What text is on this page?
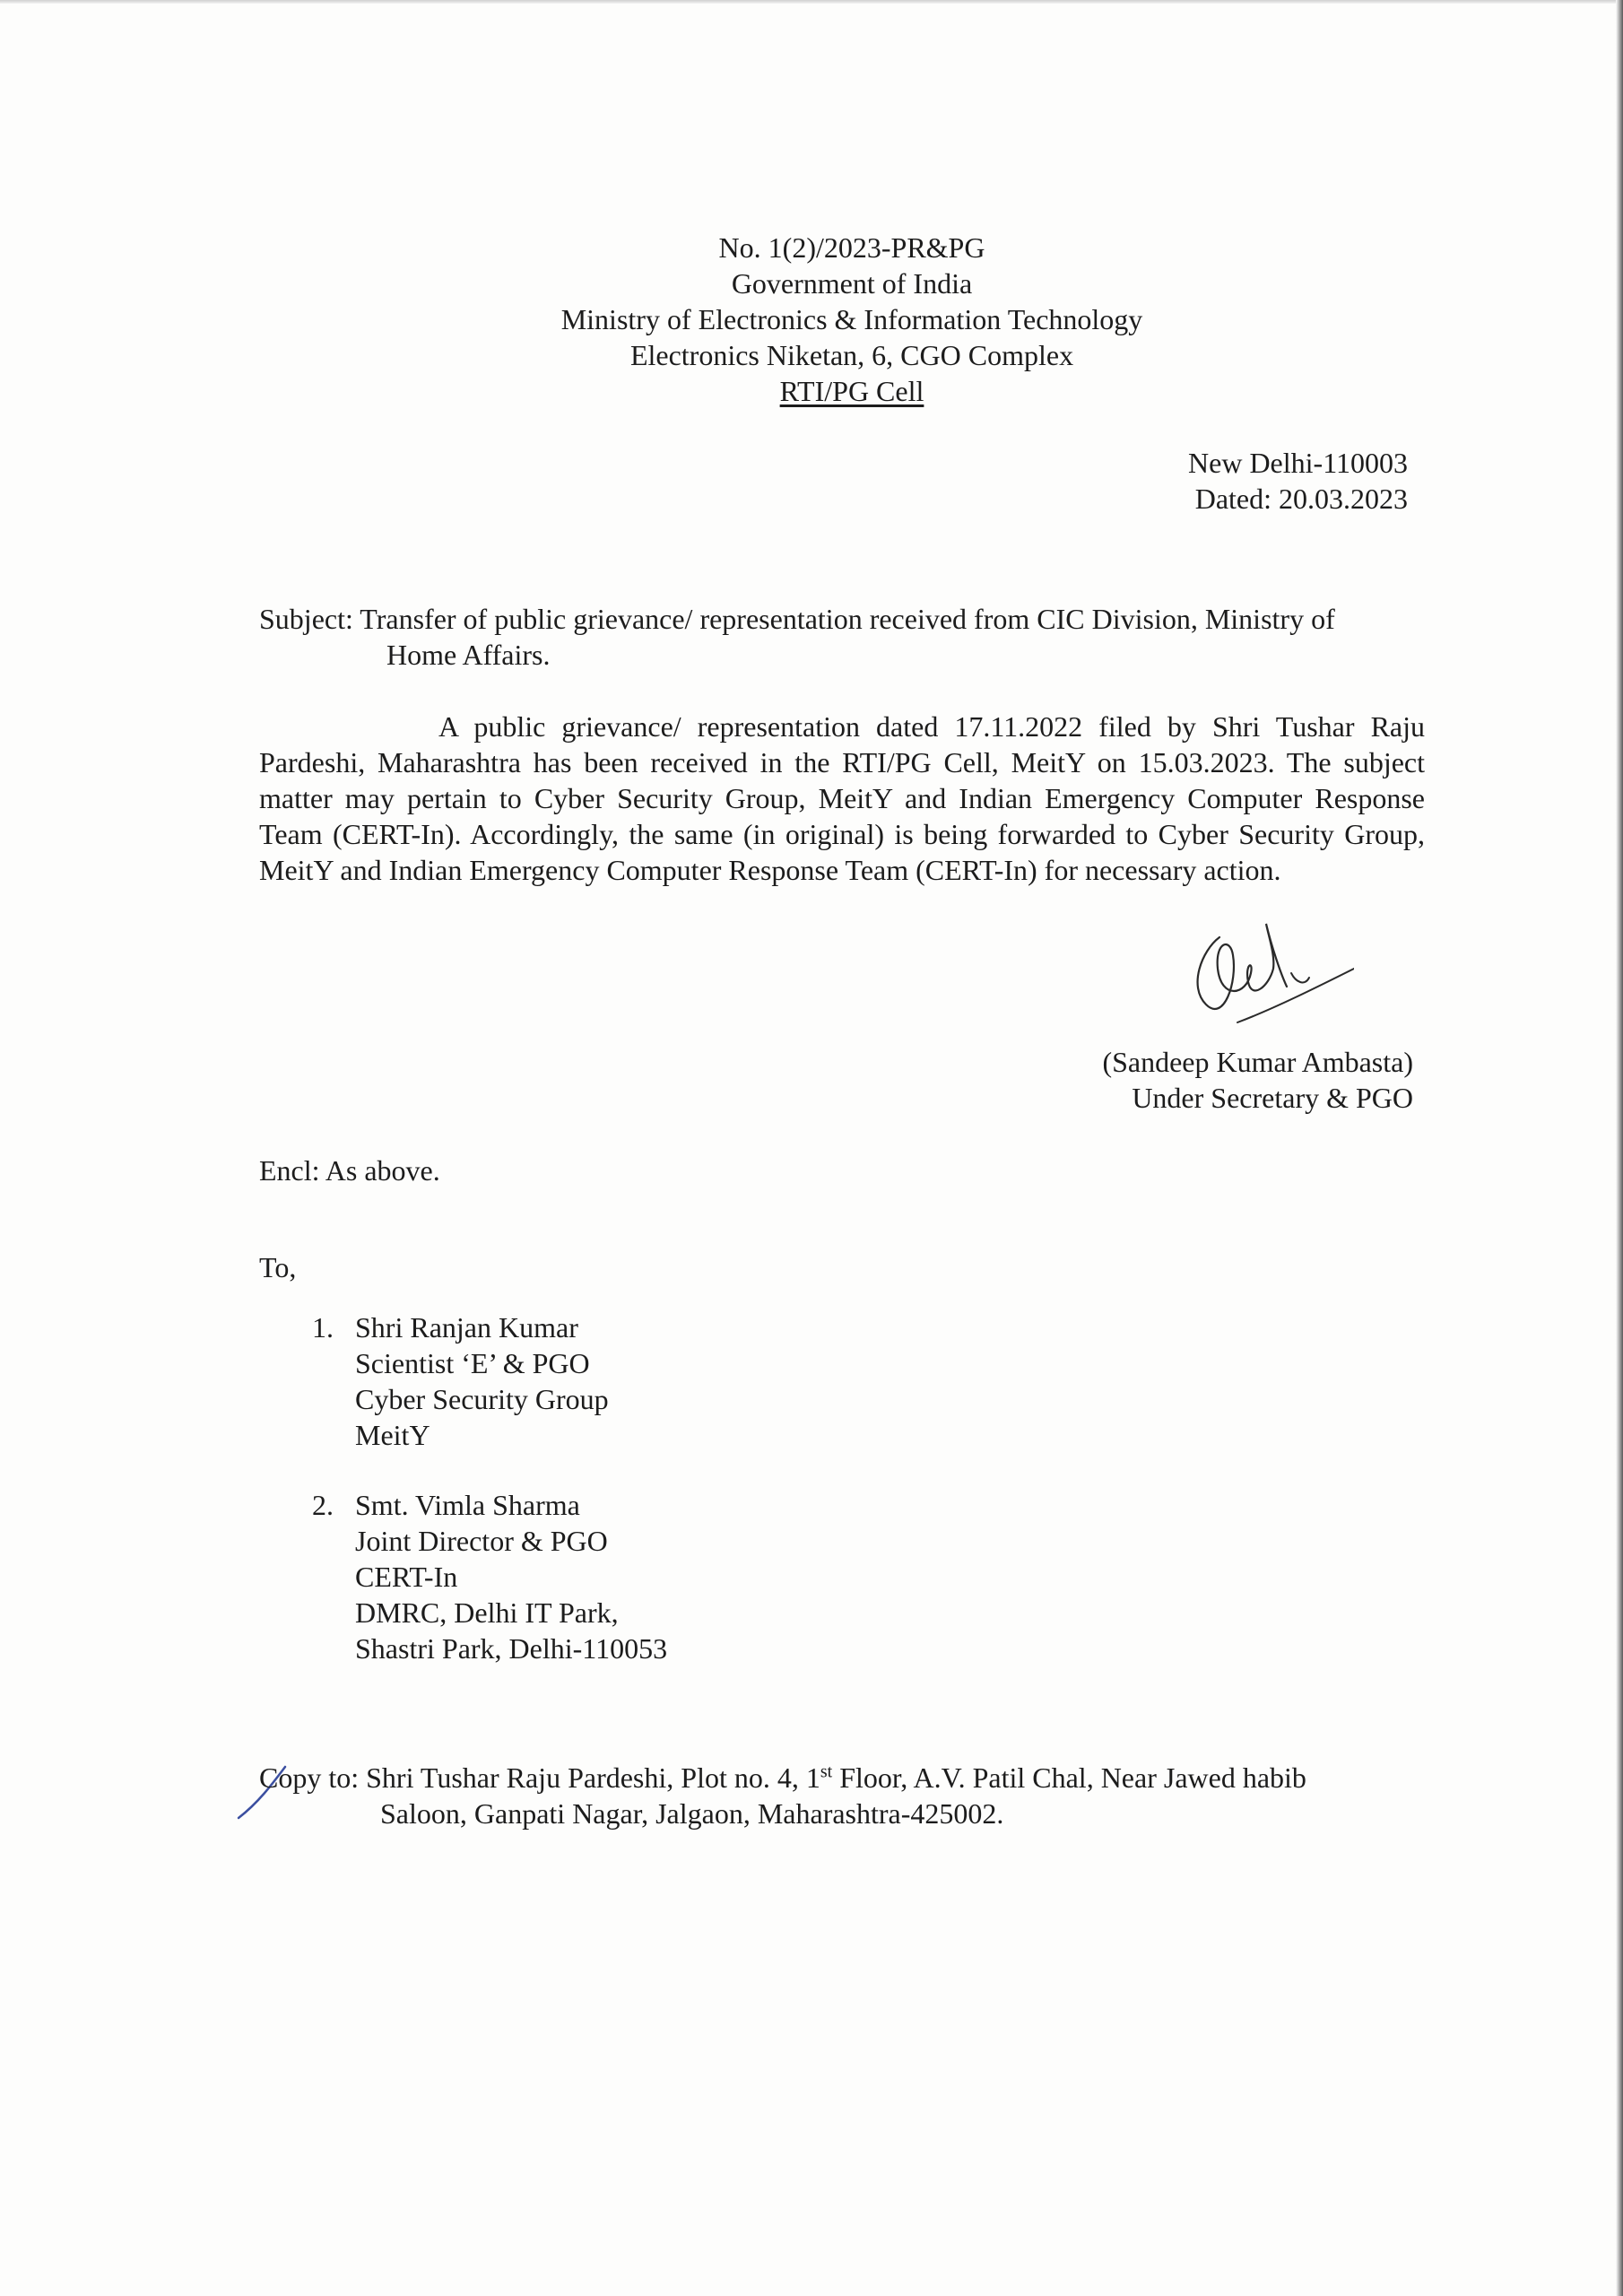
No. 1(2)/2023-PR&PG
Government of India
Ministry of Electronics & Information Technology
Electronics Niketan, 6, CGO Complex
RTI/PG Cell
New Delhi-110003
Dated: 20.03.2023
Subject: Transfer of public grievance/ representation received from CIC Division, Ministry of
Home Affairs.
A public grievance/ representation dated 17.11.2022 filed by Shri Tushar Raju Pardeshi, Maharashtra has been received in the RTI/PG Cell, MeitY on 15.03.2023. The subject matter may pertain to Cyber Security Group, MeitY and Indian Emergency Computer Response Team (CERT-In). Accordingly, the same (in original) is being forwarded to Cyber Security Group, MeitY and Indian Emergency Computer Response Team (CERT-In) for necessary action.
(Sandeep Kumar Ambasta)
Under Secretary & PGO
Encl: As above.
To,
1. Shri Ranjan Kumar
Scientist ‘E’ & PGO
Cyber Security Group
MeitY
2. Smt. Vimla Sharma
Joint Director & PGO
CERT-In
DMRC, Delhi IT Park,
Shastri Park, Delhi-110053
Copy to: Shri Tushar Raju Pardeshi, Plot no. 4, 1st Floor, A.V. Patil Chal, Near Jawed habib
Saloon, Ganpati Nagar, Jalgaon, Maharashtra-425002.
